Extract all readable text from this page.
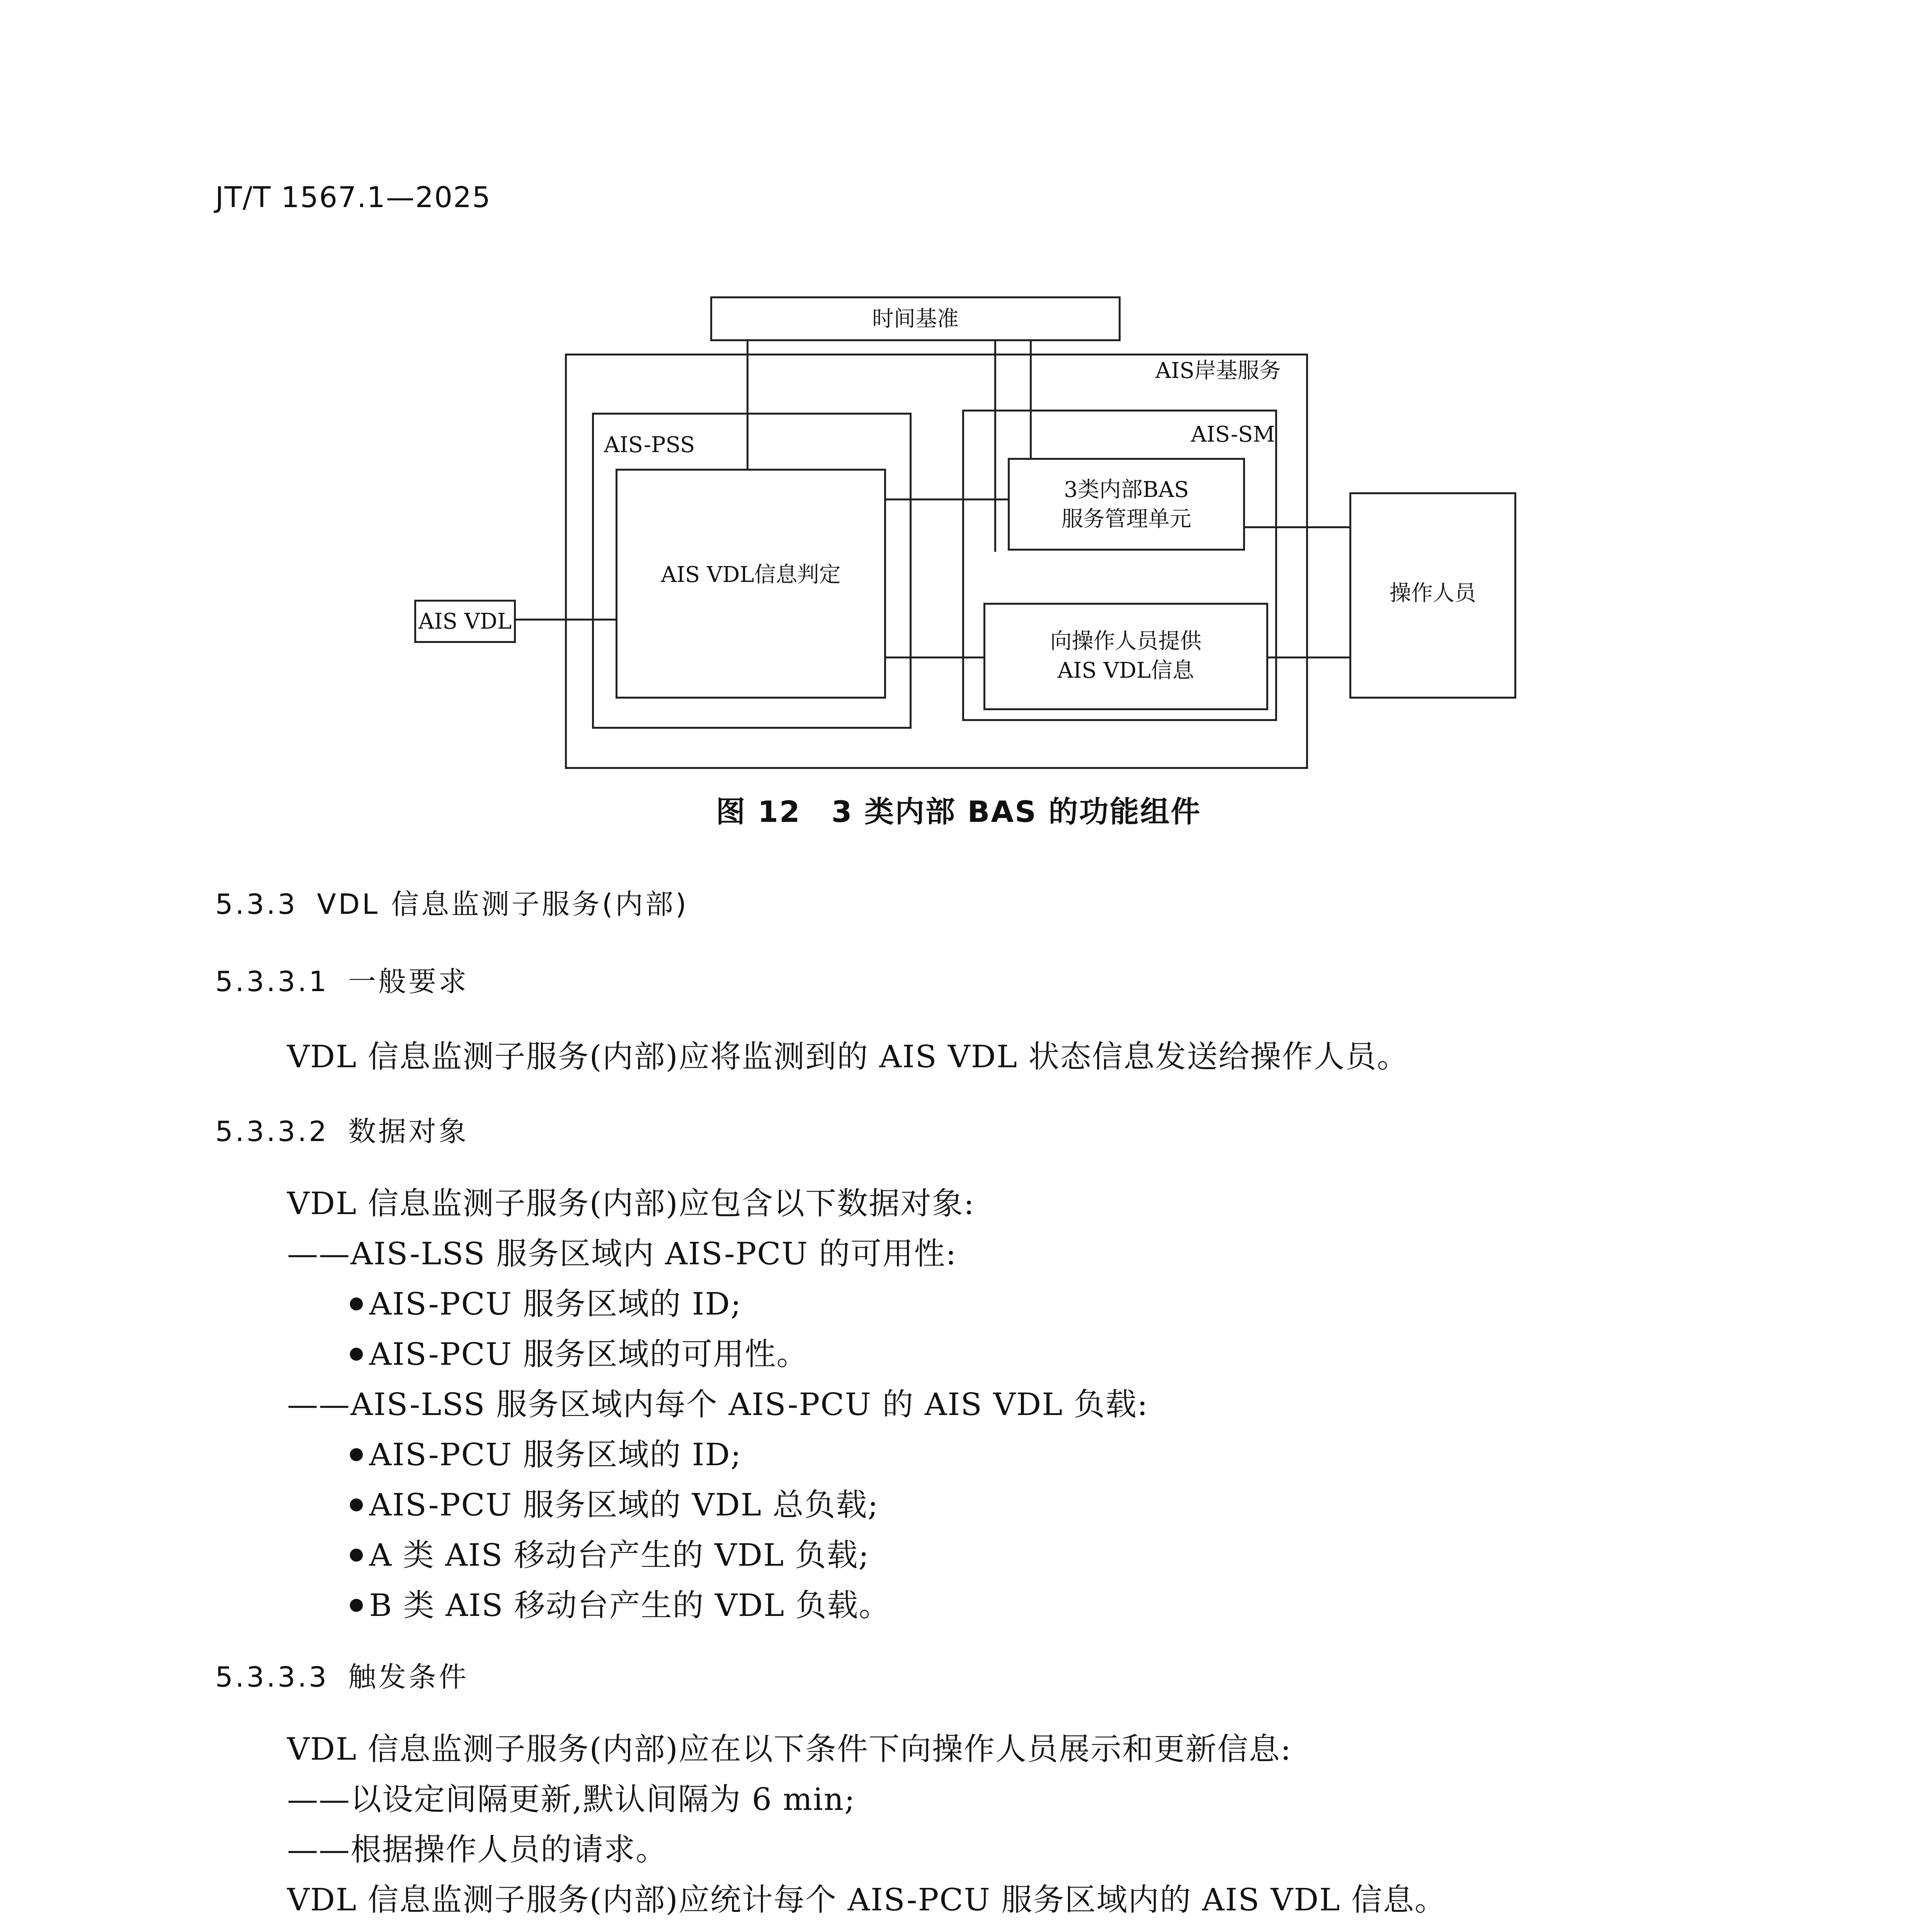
JT/T 1567.1—2025
AIS岸基服务
AIS-PSS	AIS-SM
时间基准
AIS VDL信息判定
3类内部BAS
服务管理单元
向操作人员提供
AIS VDL信息
AIS VDL
操作人员
图 12　3 类内部 BAS 的功能组件
5.3.3 VDL 信息监测子服务(内部)
5.3.3.1 一般要求
VDL 信息监测子服务(内部)应将监测到的 AIS VDL 状态信息发送给操作人员。
5.3.3.2 数据对象
VDL 信息监测子服务(内部)应包含以下数据对象:
——AIS-LSS 服务区域内 AIS-PCU 的可用性:
● AIS-PCU 服务区域的 ID;
● AIS-PCU 服务区域的可用性。
——AIS-LSS 服务区域内每个 AIS-PCU 的 AIS VDL 负载:
● AIS-PCU 服务区域的 ID;
● AIS-PCU 服务区域的 VDL 总负载;
● A 类 AIS 移动台产生的 VDL 负载;
● B 类 AIS 移动台产生的 VDL 负载。
5.3.3.3 触发条件
VDL 信息监测子服务(内部)应在以下条件下向操作人员展示和更新信息:
——以设定间隔更新,默认间隔为 6 min;
——根据操作人员的请求。
VDL 信息监测子服务(内部)应统计每个 AIS-PCU 服务区域内的 AIS VDL 信息。
